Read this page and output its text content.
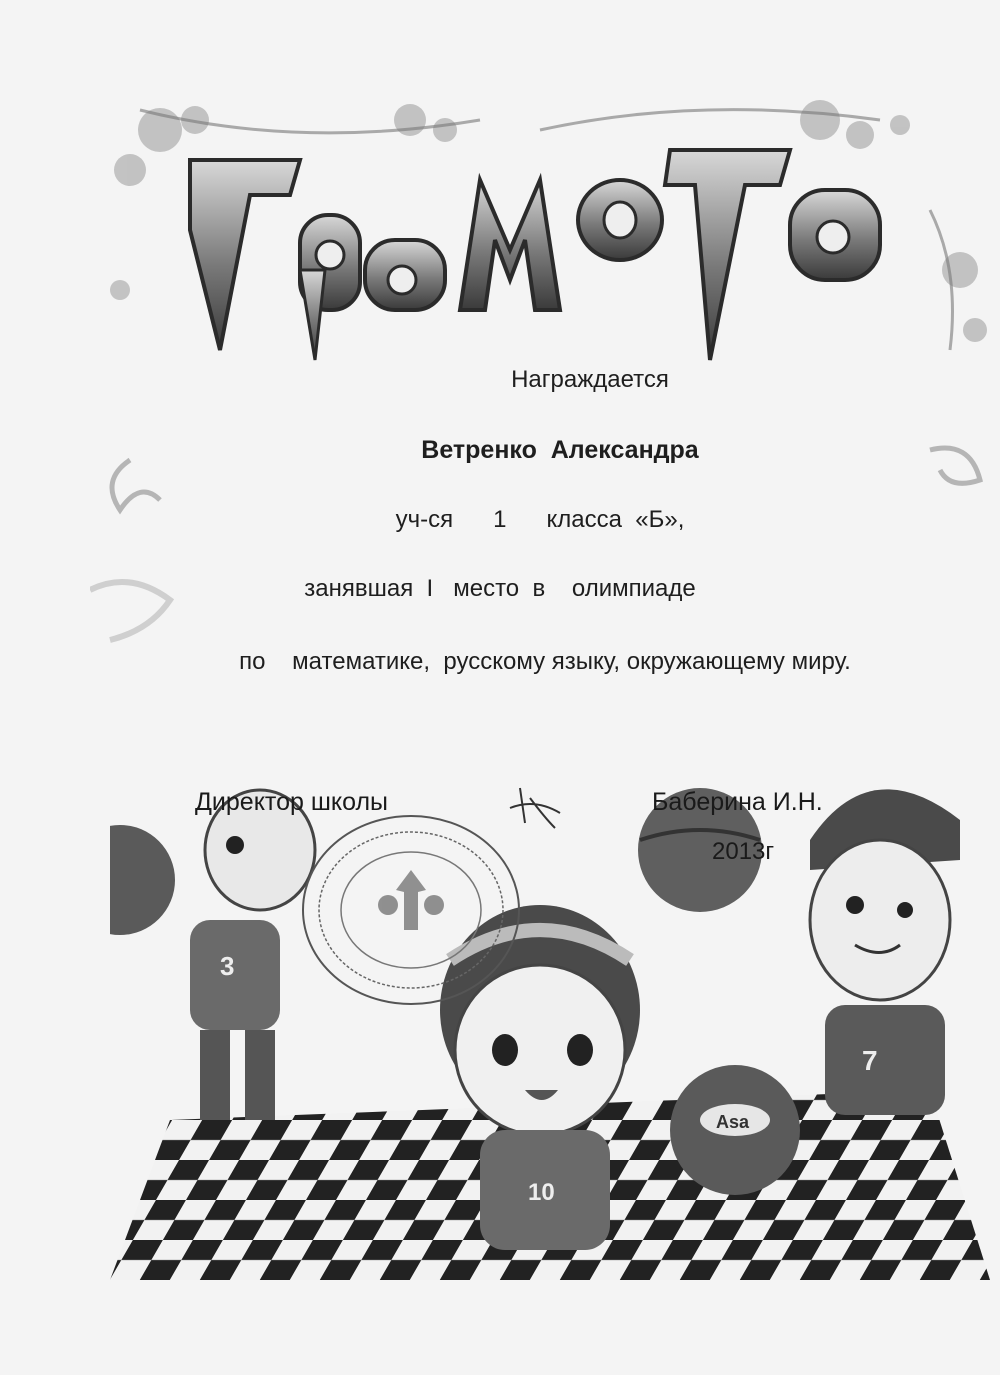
Награждается
Ветренко  Александра
уч-ся      1      класса  «Б»,
занявшая  I   место  в    олимпиаде
по    математике,  русскому языку, окружающему миру.
3
7
10
Asa
Директор школы	Баберина И.Н.
2013г
